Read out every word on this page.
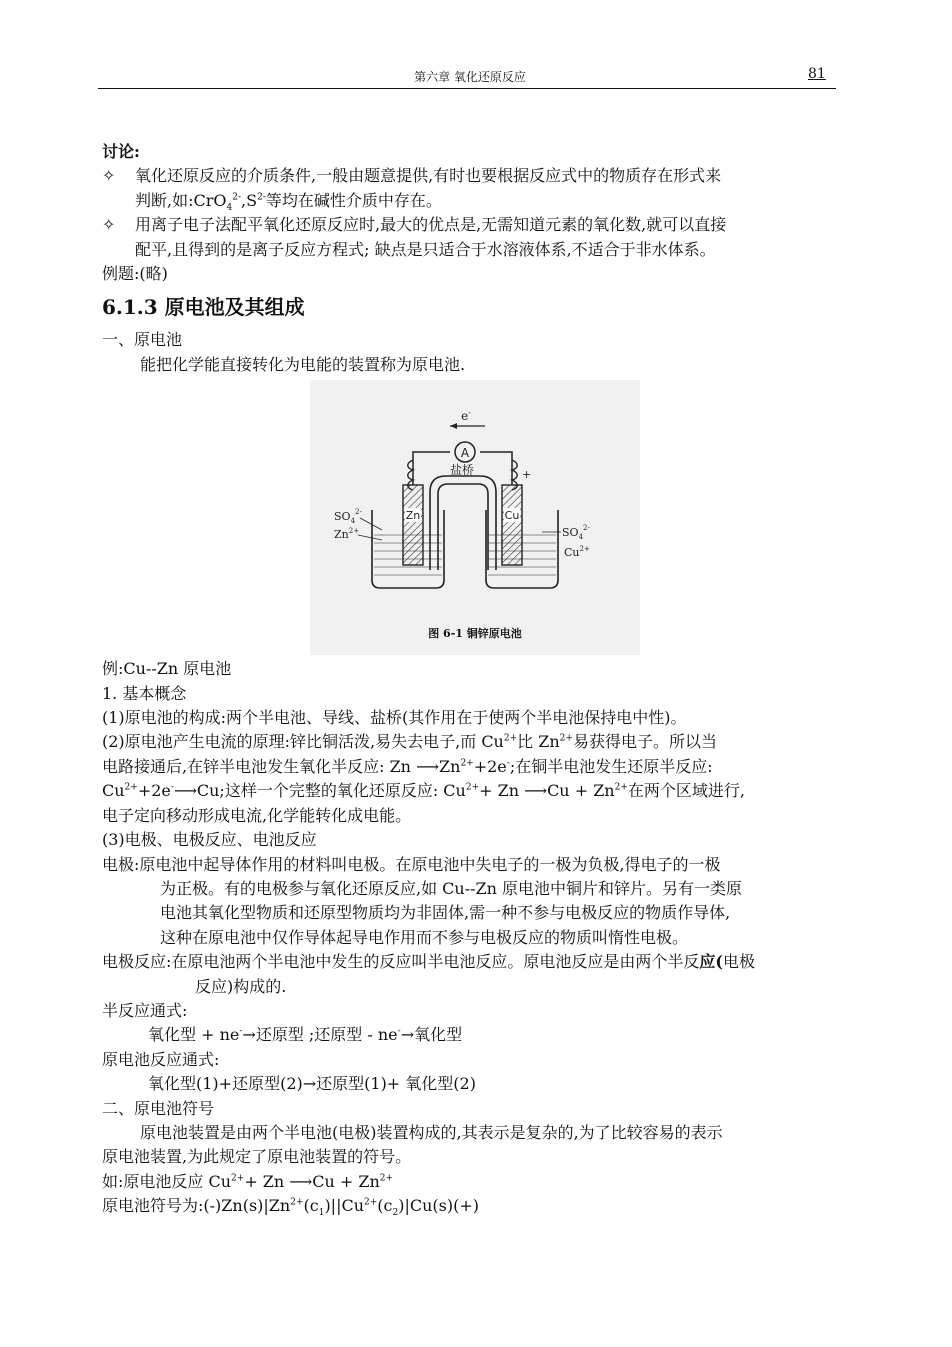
第六章 氧化还原反应	81
讨论:
✧ 氧化还原反应的介质条件,一般由题意提供,有时也要根据反应式中的物质存在形式来
判断,如$:CrO_4^{2-},S^{2-}$等均在碱性介质中存在。
✧ 用离子电子法配平氧化还原反应时,最大的优点是,无需知道元素的氧化数,就可以直接
配平,且得到的是离子反应方程式; 缺点是只适合于水溶液体系,不适合于非水体系。
例题:(略)
6.1.3 原电池及其组成
一、原电池
能把化学能直接转化为电能的装置称为原电池.
A
e-
+
盐桥
Zn	Cu
$SO_4^{2-}$
$Zn^{2+}$	$SO_4^{2-}$
$Cu^{2+}$
图 6-1 铜锌原电池
例:Cu--Zn 原电池
1. 基本概念
(1)原电池的构成:两个半电池、导线、盐桥(其作用在于使两个半电池保持电中性)。
(2)原电池产生电流的原理:锌比铜活泼,易失去电子,而 $Cu^{2+}$比 $Zn^{2+}$易获得电子。所以当
电路接通后,在锌半电池发生氧化半反应: Zn $⟶Zn^{2+}+2e^-$;在铜半电池发生还原半反应:
$Cu^{2+}+2e^-⟶Cu$;这样一个完整的氧化还原反应: $Cu^{2+}+ Zn$ ⟶Cu + $Zn^{2+}$在两个区域进行,
电子定向移动形成电流,化学能转化成电能。
(3)电极、电极反应、电池反应
电极:原电池中起导体作用的材料叫电极。在原电池中失电子的一极为负极,得电子的一极
为正极。有的电极参与氧化还原反应,如 Cu--Zn 原电池中铜片和锌片。另有一类原
电池其氧化型物质和还原型物质均为非固体,需一种不参与电极反应的物质作导体,
这种在原电池中仅作导体起导电作用而不参与电极反应的物质叫惰性电极。
电极反应:在原电池两个半电池中发生的反应叫半电池反应。原电池反应是由两个半反应(电极
反应)构成的.
半反应通式:
氧化型 + ne-→还原型 ;还原型 - ne-→氧化型
原电池反应通式:
氧化型(1)+还原型(2)→还原型(1)+ 氧化型(2)
二、原电池符号
原电池装置是由两个半电池(电极)装置构成的,其表示是复杂的,为了比较容易的表示
原电池装置,为此规定了原电池装置的符号。
如:原电池反应 $Cu^{2+}+ Zn$ ⟶Cu + $Zn^{2+}$
原电池符号为$:(-)Zn(s)|Zn^{2+}(c_1)||Cu^{2+}(c_2)|Cu(s)(+)$
